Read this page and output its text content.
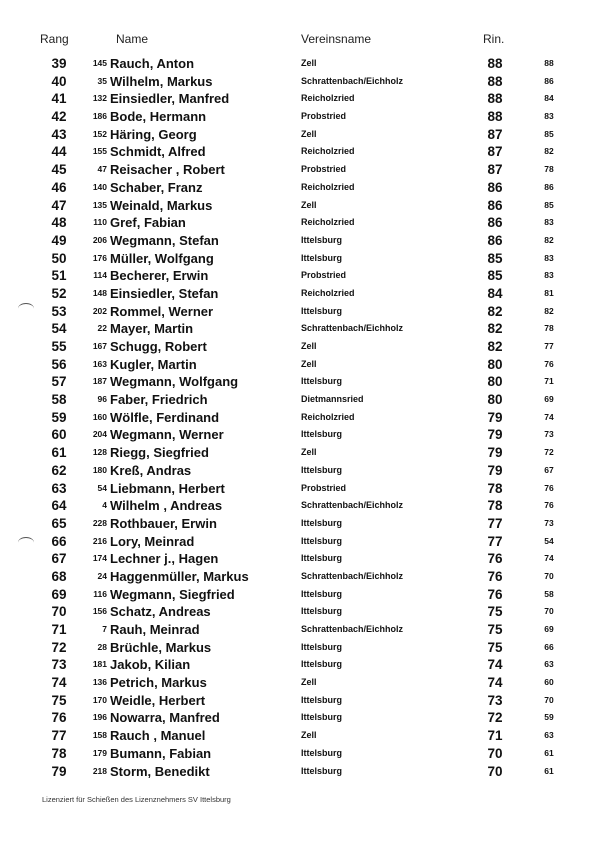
Rang	Name	Vereinsname	Rin.
39	145 Rauch, Anton	Zell	88	88
40	35 Wilhelm, Markus	Schrattenbach/Eichholz	88	86
41	132 Einsiedler, Manfred	Reicholzried	88	84
42	186 Bode, Hermann	Probstried	88	83
43	152 Häring, Georg	Zell	87	85
44	155 Schmidt, Alfred	Reicholzried	87	82
45	47 Reisacher , Robert	Probstried	87	78
46	140 Schaber, Franz	Reicholzried	86	86
47	135 Weinald, Markus	Zell	86	85
48	110 Gref, Fabian	Reicholzried	86	83
49	206 Wegmann, Stefan	Ittelsburg	86	82
50	176 Müller, Wolfgang	Ittelsburg	85	83
51	114 Becherer, Erwin	Probstried	85	83
52	148 Einsiedler, Stefan	Reicholzried	84	81
53	202 Rommel, Werner	Ittelsburg	82	82
54	22 Mayer, Martin	Schrattenbach/Eichholz	82	78
55	167 Schugg, Robert	Zell	82	77
56	163 Kugler, Martin	Zell	80	76
57	187 Wegmann, Wolfgang	Ittelsburg	80	71
58	96 Faber, Friedrich	Dietmannsried	80	69
59	160 Wölfle, Ferdinand	Reicholzried	79	74
60	204 Wegmann, Werner	Ittelsburg	79	73
61	128 Riegg, Siegfried	Zell	79	72
62	180 Kreß, Andras	Ittelsburg	79	67
63	54 Liebmann, Herbert	Probstried	78	76
64	4 Wilhelm , Andreas	Schrattenbach/Eichholz	78	76
65	228 Rothbauer, Erwin	Ittelsburg	77	73
66	216 Lory, Meinrad	Ittelsburg	77	54
67	174 Lechner j., Hagen	Ittelsburg	76	74
68	24 Haggenmüller, Markus	Schrattenbach/Eichholz	76	70
69	116 Wegmann, Siegfried	Ittelsburg	76	58
70	156 Schatz, Andreas	Ittelsburg	75	70
71	7 Rauh, Meinrad	Schrattenbach/Eichholz	75	69
72	28 Brüchle, Markus	Ittelsburg	75	66
73	181 Jakob, Kilian	Ittelsburg	74	63
74	136 Petrich, Markus	Zell	74	60
75	170 Weidle, Herbert	Ittelsburg	73	70
76	196 Nowarra, Manfred	Ittelsburg	72	59
77	158 Rauch , Manuel	Zell	71	63
78	179 Bumann, Fabian	Ittelsburg	70	61
79	218 Storm, Benedikt	Ittelsburg	70	61
Lizenziert für Schießen des Lizenznehmers SV Ittelsburg
